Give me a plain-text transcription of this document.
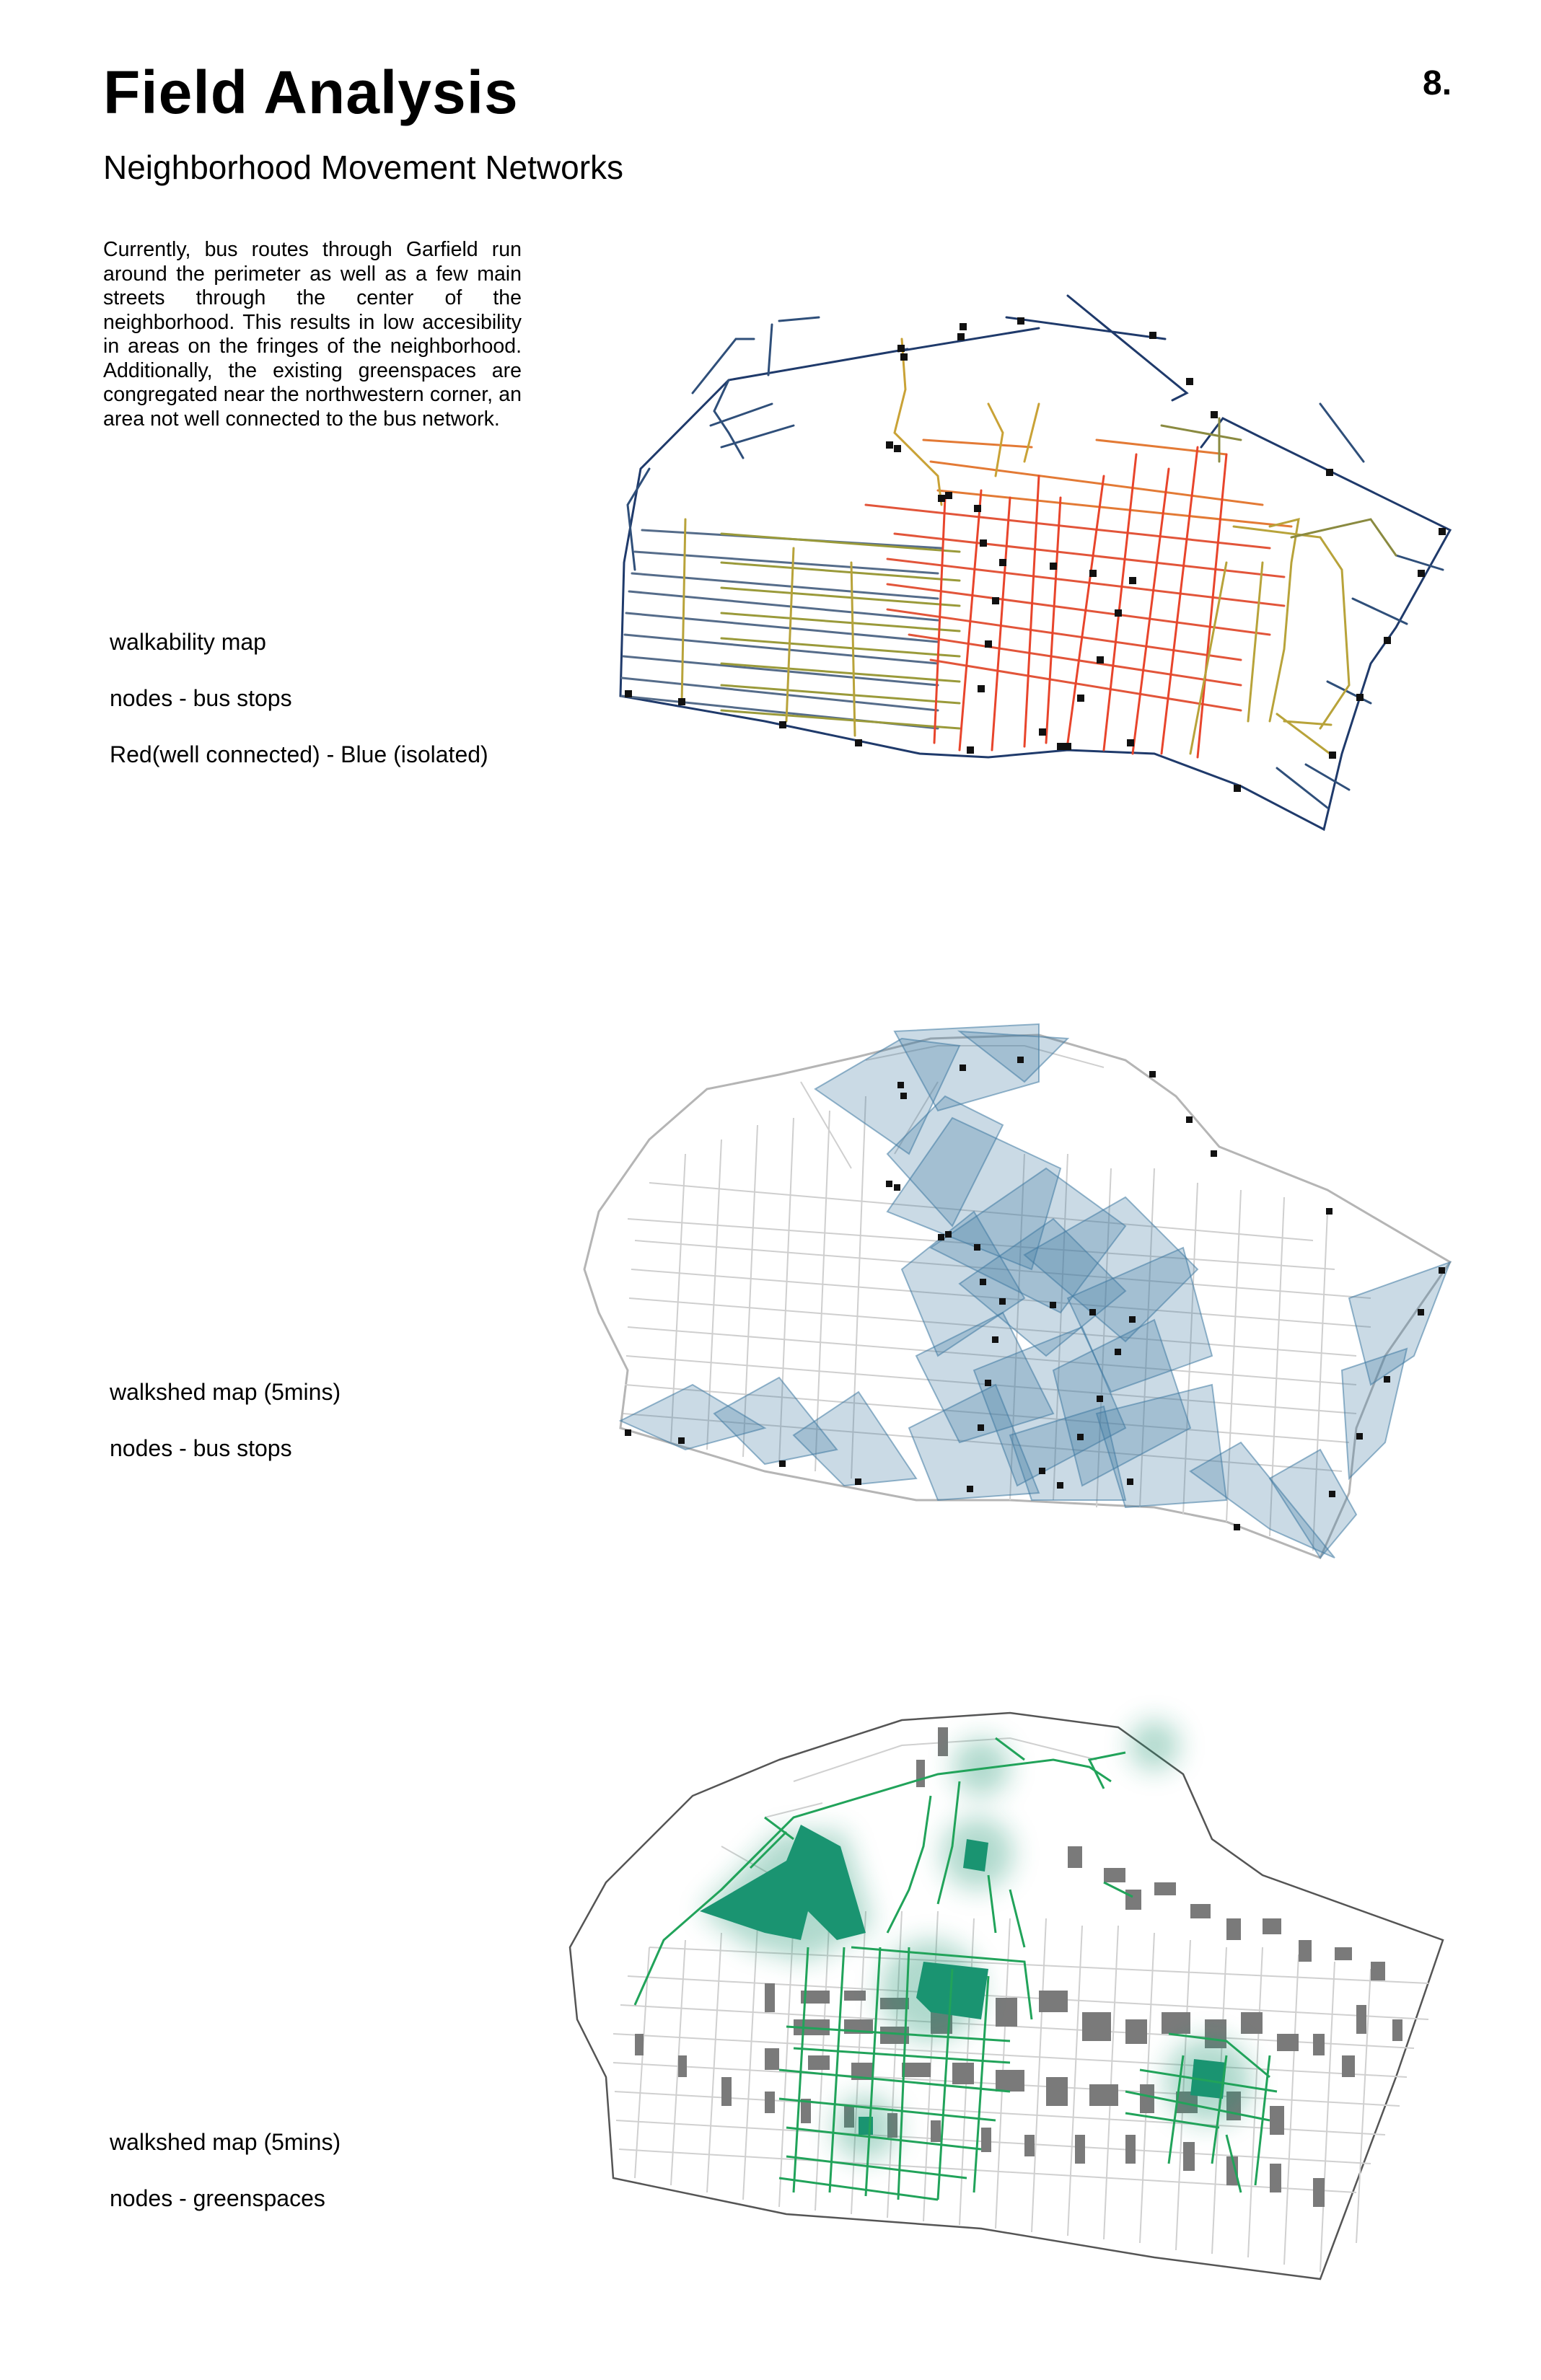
Field Analysis	8.
Neighborhood Movement Networks
Currently, bus routes through Garfield run around the perimeter as well as a few main streets through the center of the neighborhood. This results in low accesibility in areas on the fringes of the neighborhood. Additionally, the existing greenspaces are congregated near the northwestern corner, an area not well connected to the bus network.
walkability map
nodes - bus stops
Red(well connected) - Blue (isolated)
walkshed map (5mins)
nodes - bus stops
walkshed map (5mins)
nodes - greenspaces
